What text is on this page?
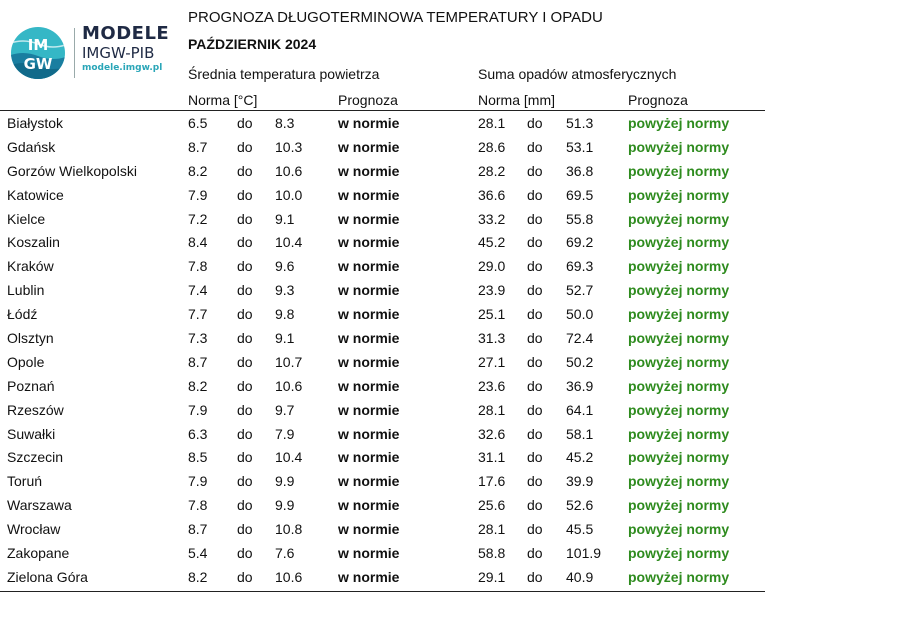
IM
GW
MODELE
IMGW-PIB
modele.imgw.pl
PROGNOZA DŁUGOTERMINOWA TEMPERATURY I OPADU
PAŹDZIERNIK 2024
Średnia temperatura powietrza	Suma opadów atmosferycznych
Norma [°C]	Prognoza	Norma [mm]	Prognoza
Białystok	6.5 do 8.3	w normie	28.1 do 51.3 powyżej normy
Gdańsk	8.7 do 10.3	w normie	28.6 do 53.1 powyżej normy
Gorzów Wielkopolski	8.2 do 10.6	w normie	28.2 do 36.8 powyżej normy
Katowice	7.9 do 10.0	w normie	36.6 do 69.5 powyżej normy
Kielce	7.2 do 9.1	w normie	33.2 do 55.8 powyżej normy
Koszalin	8.4 do 10.4	w normie	45.2 do 69.2 powyżej normy
Kraków	7.8 do 9.6	w normie	29.0 do 69.3 powyżej normy
Lublin	7.4 do 9.3	w normie	23.9 do 52.7 powyżej normy
Łódź	7.7 do 9.8	w normie	25.1 do 50.0 powyżej normy
Olsztyn	7.3 do 9.1	w normie	31.3 do 72.4 powyżej normy
Opole	8.7 do 10.7	w normie	27.1 do 50.2 powyżej normy
Poznań	8.2 do 10.6	w normie	23.6 do 36.9 powyżej normy
Rzeszów	7.9 do 9.7	w normie	28.1 do 64.1 powyżej normy
Suwałki	6.3 do 7.9	w normie	32.6 do 58.1 powyżej normy
Szczecin	8.5 do 10.4	w normie	31.1 do 45.2 powyżej normy
Toruń	7.9 do 9.9	w normie	17.6 do 39.9 powyżej normy
Warszawa	7.8 do 9.9	w normie	25.6 do 52.6 powyżej normy
Wrocław	8.7 do 10.8	w normie	28.1 do 45.5 powyżej normy
Zakopane	5.4 do 7.6	w normie	58.8 do 101.9 powyżej normy
Zielona Góra	8.2 do 10.6	w normie	29.1 do 40.9 powyżej normy
